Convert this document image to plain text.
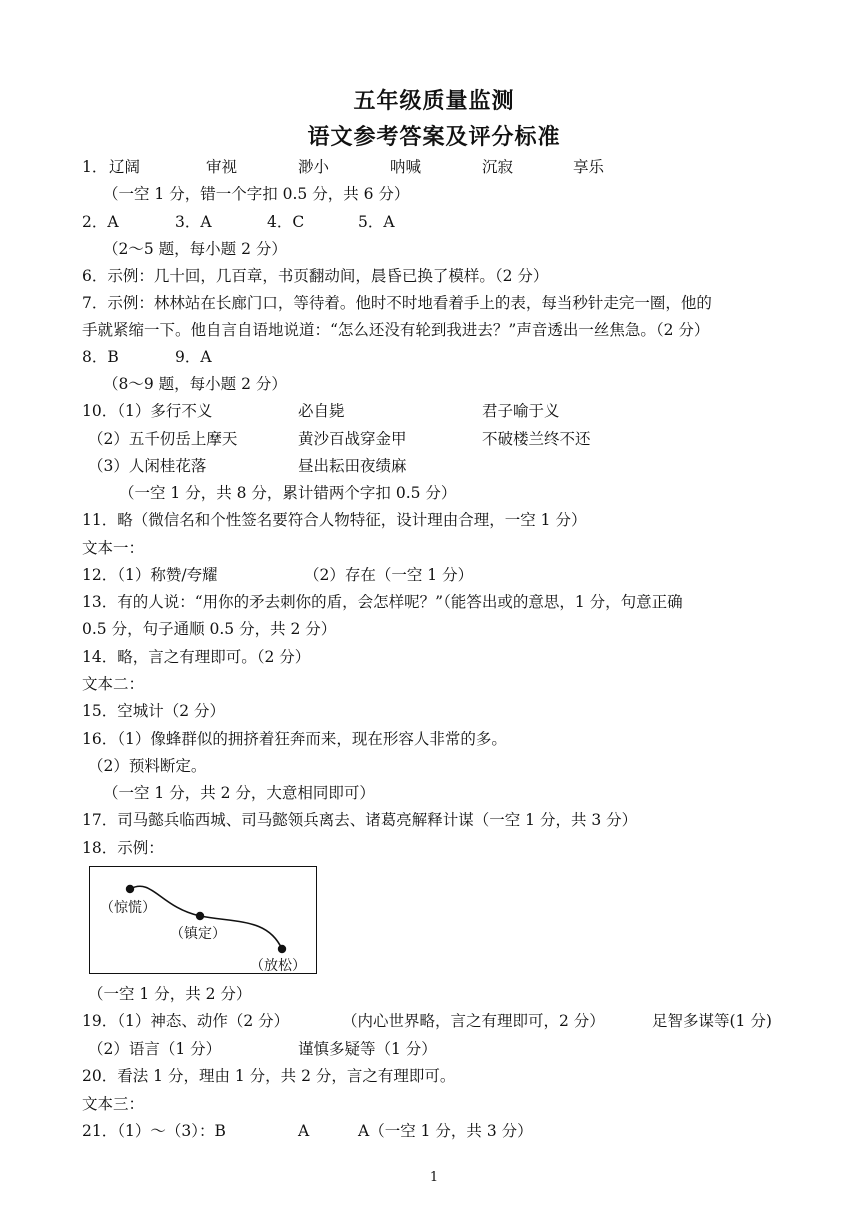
五年级质量监测
语文参考答案及评分标准
1． 辽阔	审视	渺小	呐喊	沉寂	享乐
（一空 1 分，错一个字扣 0.5 分，共 6 分）
2．A	3．A	4．C	5．A
（2～5 题，每小题 2 分）
6．示例：几十回，几百章，书页翻动间，晨昏已换了模样。（2 分）
7．示例：林林站在长廊门口，等待着。他时不时地看着手上的表，每当秒针走完一圈，他的
手就紧缩一下。他自言自语地说道：“怎么还没有轮到我进去？”声音透出一丝焦急。（2 分）
8．B	9．A
（8～9 题，每小题 2 分）
10．（1）多行不义	必自毙	君子喻于义
（2）五千仞岳上摩天	黄沙百战穿金甲	不破楼兰终不还
（3）人闲桂花落	昼出耘田夜绩麻
（一空 1 分，共 8 分，累计错两个字扣 0.5 分）
11．略（微信名和个性签名要符合人物特征，设计理由合理，一空 1 分）
文本一：
12．（1）称赞/夸耀	（2）存在（一空 1 分）
13．有的人说：“用你的矛去刺你的盾，会怎样呢？”（能答出或的意思，1 分，句意正确
0.5 分，句子通顺 0.5 分，共 2 分）
14．略，言之有理即可。（2 分）
文本二：
15．空城计（2 分）
16．（1）像蜂群似的拥挤着狂奔而来，现在形容人非常的多。
（2）预料断定。
（一空 1 分，共 2 分，大意相同即可）
17．司马懿兵临西城、司马懿领兵离去、诸葛亮解释计谋（一空 1 分，共 3 分）
18．示例：
（惊慌）
（镇定）
（放松）
（一空 1 分，共 2 分）
19．（1）神态、动作（2 分）	（内心世界略，言之有理即可，2 分）	足智多谋等(1 分)
（2）语言（1 分）	谨慎多疑等（1 分）
20．看法 1 分，理由 1 分，共 2 分，言之有理即可。
文本三：
21．（1）～（3）：B	A	A（一空 1 分，共 3 分）
1
